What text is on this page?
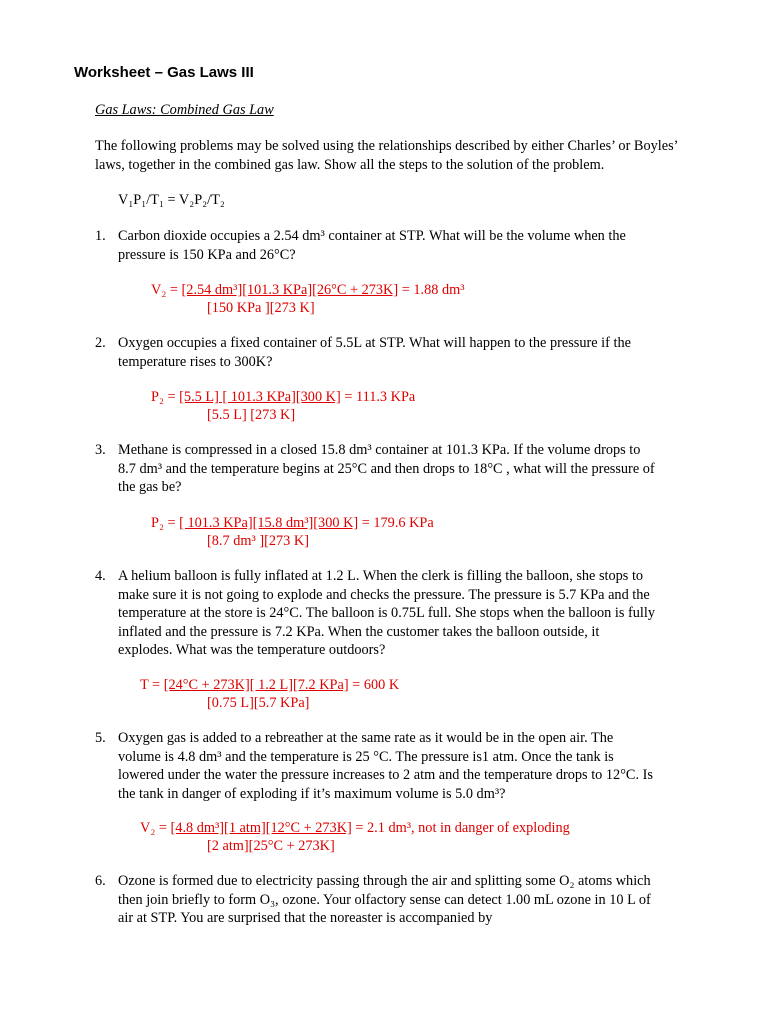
Worksheet – Gas Laws III
Gas Laws: Combined Gas Law
The following problems may be solved using the relationships described by either Charles’ or Boyles’ laws, together in the combined gas law. Show all the steps to the solution of the problem.
V₁P₁/T₁ = V₂P₂/T₂
1. Carbon dioxide occupies a 2.54 dm³ container at STP. What will be the volume when the pressure is 150 KPa and 26°C?
V₂ = [2.54 dm³][101.3 KPa][26°C + 273K] = 1.88 dm³
[150 KPa ][273 K]
2. Oxygen occupies a fixed container of 5.5L at STP. What will happen to the pressure if the temperature rises to 300K?
P₂ = [5.5 L] [ 101.3 KPa][300 K] = 111.3 KPa
[5.5 L] [273 K]
3. Methane is compressed in a closed 15.8 dm³ container at 101.3 KPa. If the volume drops to 8.7 dm³ and the temperature begins at 25°C and then drops to 18°C , what will the pressure of the gas be?
P₂ = [ 101.3 KPa][15.8 dm³][300 K] = 179.6 KPa
[8.7 dm³ ][273 K]
4. A helium balloon is fully inflated at 1.2 L. When the clerk is filling the balloon, she stops to make sure it is not going to explode and checks the pressure. The pressure is 5.7 KPa and the temperature at the store is 24°C. The balloon is 0.75L full. She stops when the balloon is fully inflated and the pressure is 7.2 KPa. When the customer takes the balloon outside, it explodes. What was the temperature outdoors?
T = [24°C + 273K][ 1.2 L][7.2 KPa] = 600 K
[0.75 L][5.7 KPa]
5. Oxygen gas is added to a rebreather at the same rate as it would be in the open air. The volume is 4.8 dm³ and the temperature is 25 °C. The pressure is1 atm. Once the tank is lowered under the water the pressure increases to 2 atm and the temperature drops to 12°C. Is the tank in danger of exploding if it’s maximum volume is 5.0 dm³?
V₂ = [4.8 dm³][1 atm][12°C + 273K] = 2.1 dm³, not in danger of exploding
[2 atm][25°C + 273K]
6. Ozone is formed due to electricity passing through the air and splitting some O₂ atoms which then join briefly to form O₃, ozone. Your olfactory sense can detect 1.00 mL ozone in 10 L of air at STP. You are surprised that the noreaster is accompanied by
